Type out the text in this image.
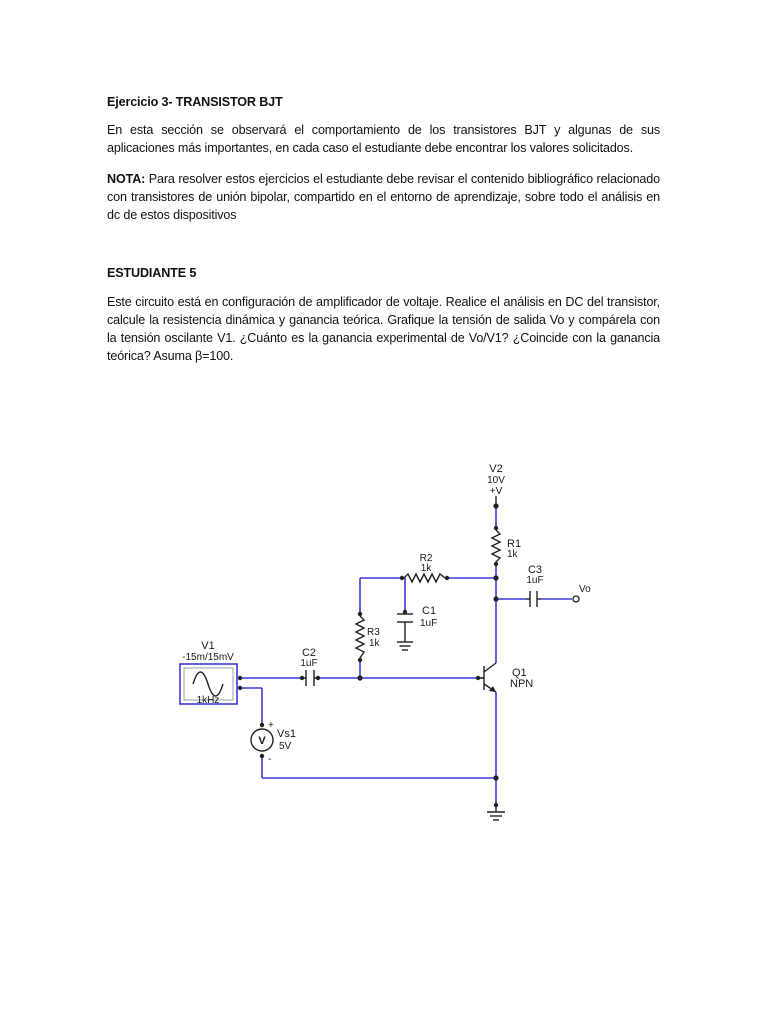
Ejercicio 3- TRANSISTOR BJT
En esta sección se observará el comportamiento de los transistores BJT y algunas de sus aplicaciones más importantes, en cada caso el estudiante debe encontrar los valores solicitados.
NOTA: Para resolver estos ejercicios el estudiante debe revisar el contenido bibliográfico relacionado con transistores de unión bipolar, compartido en el entorno de aprendizaje, sobre todo el análisis en dc de estos dispositivos
ESTUDIANTE 5
Este circuito está en configuración de amplificador de voltaje. Realice el análisis en DC del transistor, calcule la resistencia dinámica y ganancia teórica. Grafique la tensión de salida Vo y compárela con la tensión oscilante V1. ¿Cuánto es la ganancia experimental de Vo/V1? ¿Coincide con la ganancia teórica? Asuma β=100.
V2
10V
+V
R1
1k
R2
1k
C1
1uF
R3
1k
C2
1uF
C3
1uF
Vo
Q1
NPN
V1
-15m/15mV
1kHz
V
+
-
Vs1
5V
